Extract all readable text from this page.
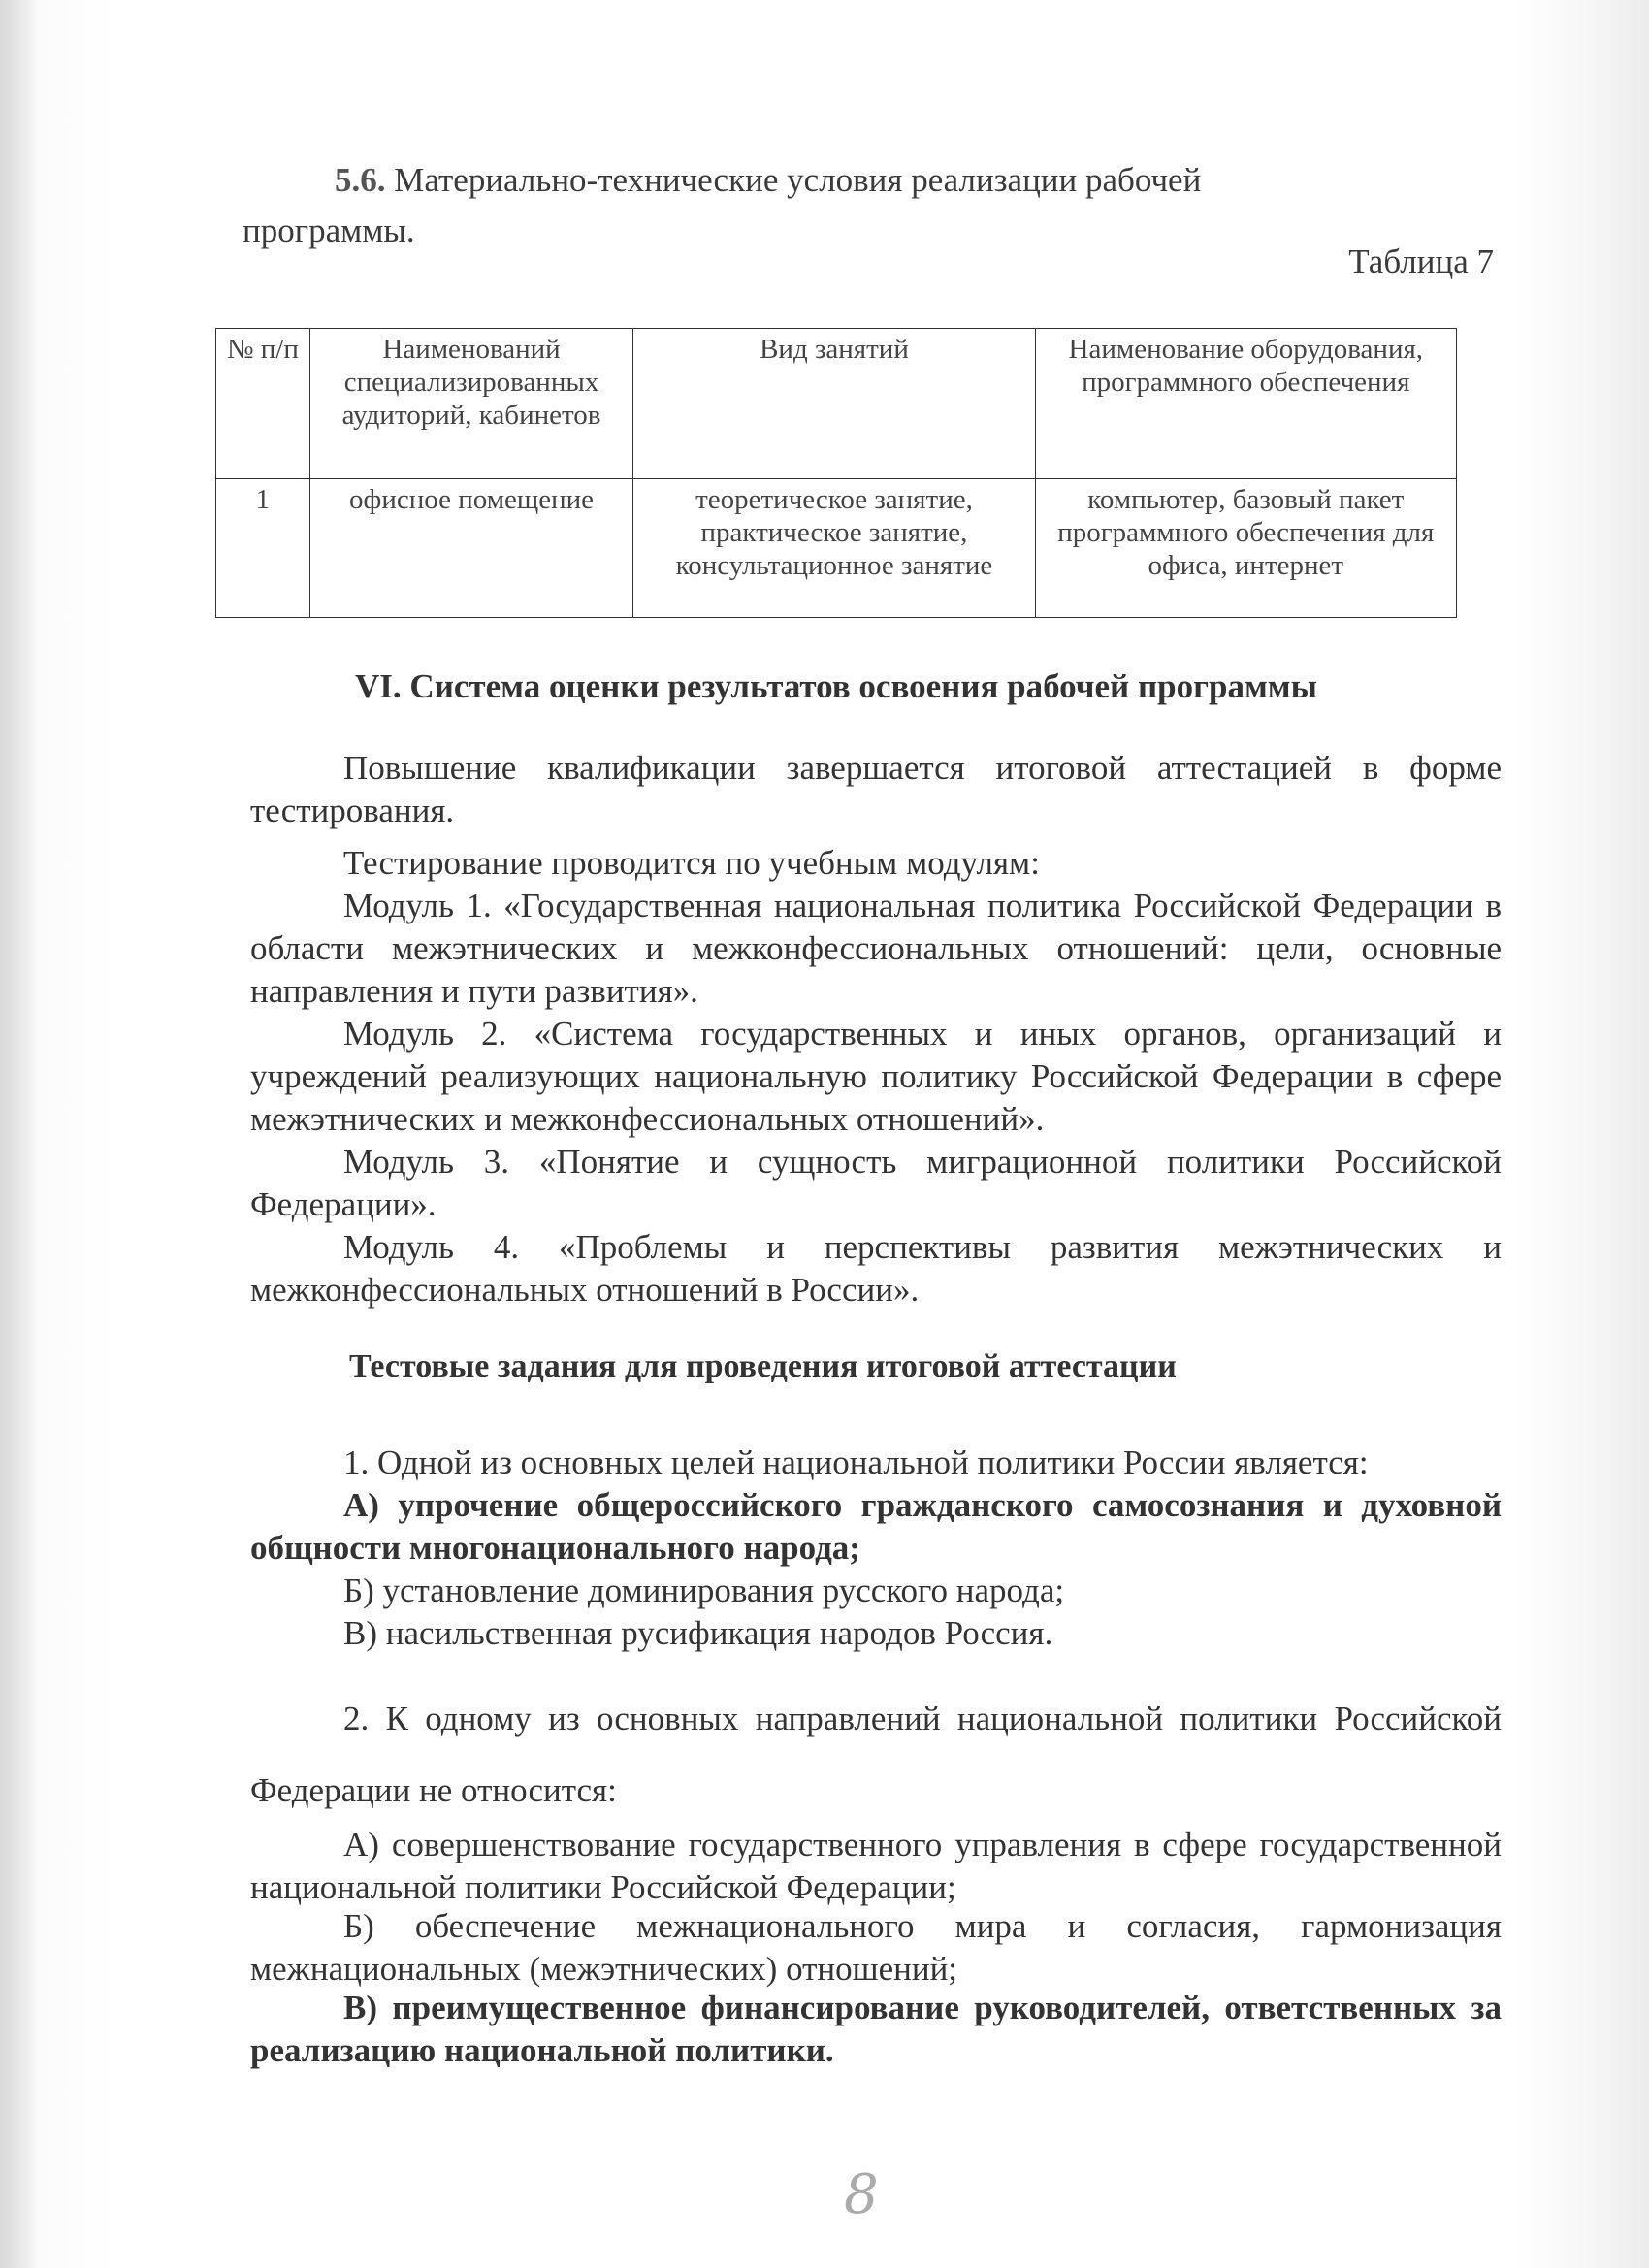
5.6. Материально-технические условия реализации рабочей
программы.
Таблица 7
№ п/п	Наименований специализированных аудиторий, кабинетов	Вид занятий	Наименование оборудования, программного обеспечения
1	офисное помещение	теоретическое занятие, практическое занятие, консультационное занятие	компьютер, базовый пакет программного обеспечения для офиса, интернет
VI. Система оценки результатов освоения рабочей программы
Повышение квалификации завершается итоговой аттестацией в форме тестирования.
Тестирование проводится по учебным модулям:
Модуль 1. «Государственная национальная политика Российской Федерации в области межэтнических и межконфессиональных отношений: цели, основные направления и пути развития».
Модуль 2. «Система государственных и иных органов, организаций и учреждений реализующих национальную политику Российской Федерации в сфере межэтнических и межконфессиональных отношений».
Модуль 3. «Понятие и сущность миграционной политики Российской Федерации».
Модуль 4. «Проблемы и перспективы развития межэтнических и межконфессиональных отношений в России».
Тестовые задания для проведения итоговой аттестации
1. Одной из основных целей национальной политики России является:
А) упрочение общероссийского гражданского самосознания и духовной общности многонационального народа;
Б) установление доминирования русского народа;
В) насильственная русификация народов Россия.
2. К одному из основных направлений национальной политики Российской Федерации не относится:
А) совершенствование государственного управления в сфере государственной национальной политики Российской Федерации;
Б) обеспечение межнационального мира и согласия, гармонизация межнациональных (межэтнических) отношений;
В) преимущественное финансирование руководителей, ответственных за реализацию национальной политики.
8
